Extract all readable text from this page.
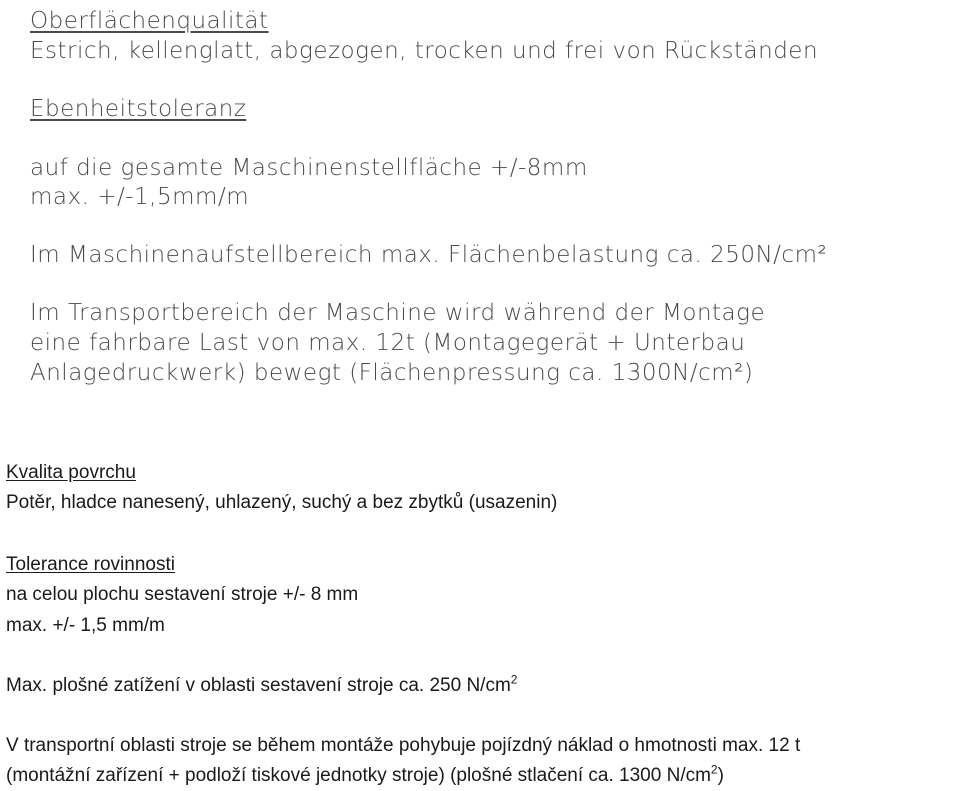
Oberflächenqualität
Estrich, kellenglatt, abgezogen, trocken und frei von Rückständen
Ebenheitstoleranz
auf die gesamte Maschinenstellfläche +/-8mm
max. +/-1,5mm/m
Im Maschinenaufstellbereich max. Flächenbelastung ca. 250N/cm²
Im Transportbereich der Maschine wird während der Montage
eine fahrbare Last von max. 12t (Montagegerät + Unterbau
Anlagedruckwerk) bewegt (Flächenpressung ca. 1300N/cm²)
Kvalita povrchu
Potěr, hladce nanesený, uhlazený, suchý a bez zbytků (usazenin)
Tolerance rovinnosti
na celou plochu sestavení stroje +/- 8 mm
max. +/- 1,5 mm/m
Max. plošné zatížení v oblasti sestavení stroje ca. 250 $N/cm^2$
V transportní oblasti stroje se během montáže pohybuje pojízdný náklad o hmotnosti max. 12 t
(montážní zařízení + podloží tiskové jednotky stroje) (plošné stlačení ca. 1300 $N/cm^2$)
